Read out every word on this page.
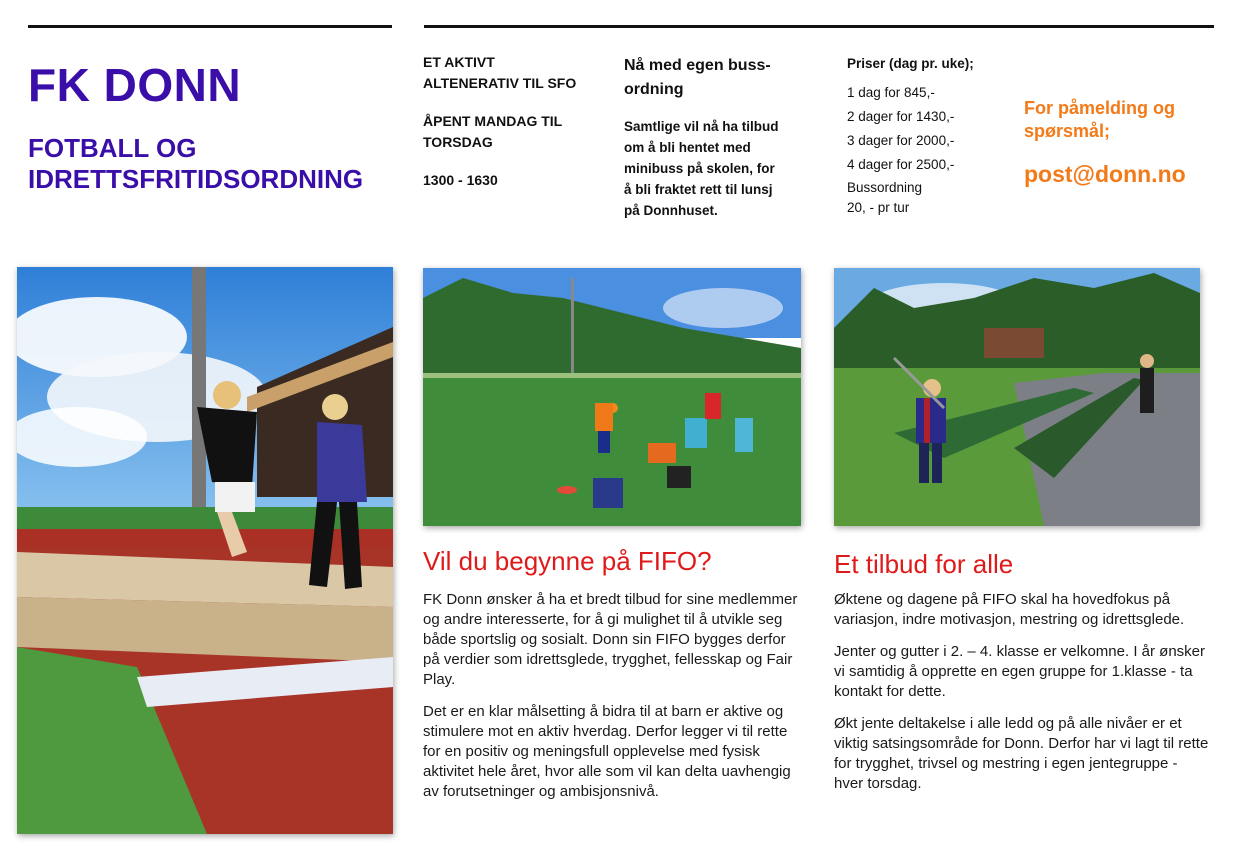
FK DONN
FOTBALL OG
IDRETTSFRITIDSORDNING
ET AKTIVT
ALTENERATIV TIL SFO
ÅPENT MANDAG TIL
TORSDAG
1300 - 1630
Nå med egen buss-
ordning
Samtlige vil nå ha tilbud
om å bli hentet med
minibuss på skolen, for
å bli fraktet rett til lunsj
på Donnhuset.
Priser (dag pr. uke);
1 dag for 845,-
2 dager for 1430,-
3 dager for 2000,-
4 dager for 2500,-
Bussordning
20, - pr tur
For påmelding og
spørsmål;
post@donn.no
Vil du begynne på FIFO?

FK Donn ønsker å ha et bredt tilbud for sine medlemmer og andre interesserte, for å gi mulighet til å utvikle seg både sportslig og sosialt. Donn sin FIFO bygges derfor på verdier som idrettsglede, trygghet, fellesskap og Fair Play.

Det er en klar målsetting å bidra til at barn er aktive og stimulere mot en aktiv hverdag. Derfor legger vi til rette for en positiv og meningsfull opplevelse med fysisk aktivitet hele året, hvor alle som vil kan delta uavhengig av forutsetninger og ambisjonsnivå.

Et tilbud for alle

Øktene og dagene på FIFO skal ha hovedfokus på variasjon, indre motivasjon, mestring og idrettsglede.

Jenter og gutter i 2. – 4. klasse er velkomne. I år ønsker vi samtidig å opprette en egen gruppe for 1.klasse - ta kontakt for dette.

Økt jente deltakelse i alle ledd og på alle nivåer er et viktig satsingsområde for Donn. Derfor har vi lagt til rette for trygghet, trivsel og mestring i egen jentegruppe - hver torsdag.
